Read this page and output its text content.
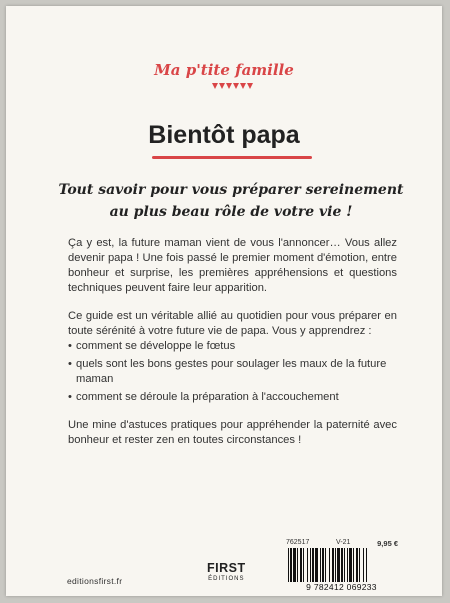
Ma p'tite famille
Bientôt papa
Tout savoir pour vous préparer sereinement
au plus beau rôle de votre vie !

Ça y est, la future maman vient de vous l'annoncer… Vous allez devenir papa ! Une fois passé le premier moment d'émotion, entre bonheur et surprise, les premières appréhensions et questions techniques peuvent faire leur apparition.

Ce guide est un véritable allié au quotidien pour vous préparer en toute sérénité à votre future vie de papa. Vous y apprendrez :

• comment se développe le fœtus
• quels sont les bons gestes pour soulager les maux de la future maman
• comment se déroule la préparation à l'accouchement

Une mine d'astuces pratiques pour appréhender la paternité avec bonheur et rester zen en toutes circonstances !

762517	V-21	9,95 €
editionsfirst.fr
FIRST
ÉDITIONS
9 782412 069233
